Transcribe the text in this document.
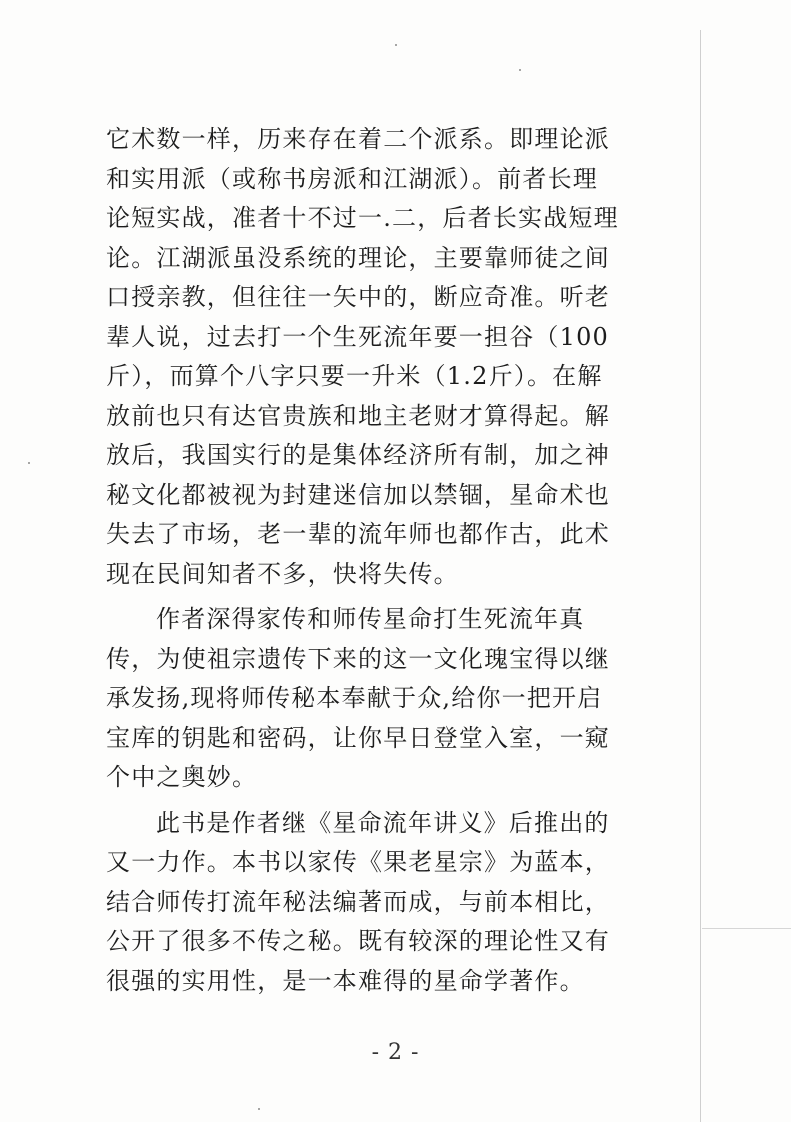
它术数一样，历来存在着二个派系。即理论派
和实用派（或称书房派和江湖派）。前者长理
论短实战，准者十不过一.二，后者长实战短理
论。江湖派虽没系统的理论，主要靠师徒之间
口授亲教，但往往一矢中的，断应奇准。听老
辈人说，过去打一个生死流年要一担谷（100
斤），而算个八字只要一升米（1.2斤）。在解
放前也只有达官贵族和地主老财才算得起。解
放后，我国实行的是集体经济所有制，加之神
秘文化都被视为封建迷信加以禁锢，星命术也
失去了市场，老一辈的流年师也都作古，此术
现在民间知者不多，快将失传。
作者深得家传和师传星命打生死流年真
传，为使祖宗遗传下来的这一文化瑰宝得以继
承发扬,现将师传秘本奉献于众,给你一把开启
宝库的钥匙和密码，让你早日登堂入室，一窥
个中之奥妙。
此书是作者继《星命流年讲义》后推出的
又一力作。本书以家传《果老星宗》为蓝本，
结合师传打流年秘法编著而成，与前本相比，
公开了很多不传之秘。既有较深的理论性又有
很强的实用性，是一本难得的星命学著作。
- 2 -
